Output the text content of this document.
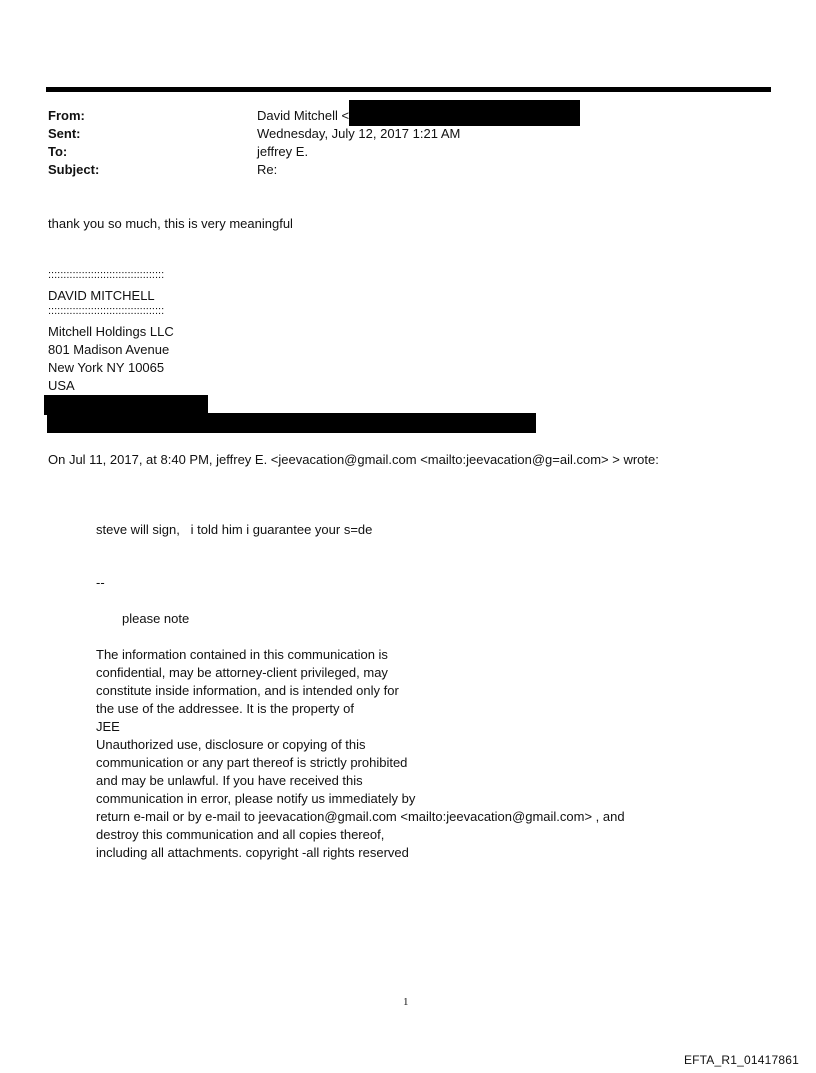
From:	David Mitchell <
Sent:	Wednesday, July 12, 2017 1:21 AM
To:	jeffrey E.
Subject:	Re:
thank you so much, this is very meaningful
::::::::::::::::::::::::::::::::::::::
DAVID MITCHELL
::::::::::::::::::::::::::::::::::::::
Mitchell Holdings LLC
801 Madison Avenue
New York NY 10065
USA
On Jul 11, 2017, at 8:40 PM, jeffrey E. <jeevacation@gmail.com <mailto:jeevacation@g=ail.com> > wrote:
steve will sign,   i told him i guarantee your s=de
--
please note
The information contained in this communication is
confidential, may be attorney-client privileged, may
constitute inside information, and is intended only for
the use of the addressee. It is the property of
JEE
Unauthorized use, disclosure or copying of this
communication or any part thereof is strictly prohibited
and may be unlawful. If you have received this
communication in error, please notify us immediately by
return e-mail or by e-mail to jeevacation@gmail.com <mailto:jeevacation@gmail.com> , and
destroy this communication and all copies thereof,
including all attachments. copyright -all rights reserved
1
EFTA_R1_01417861
